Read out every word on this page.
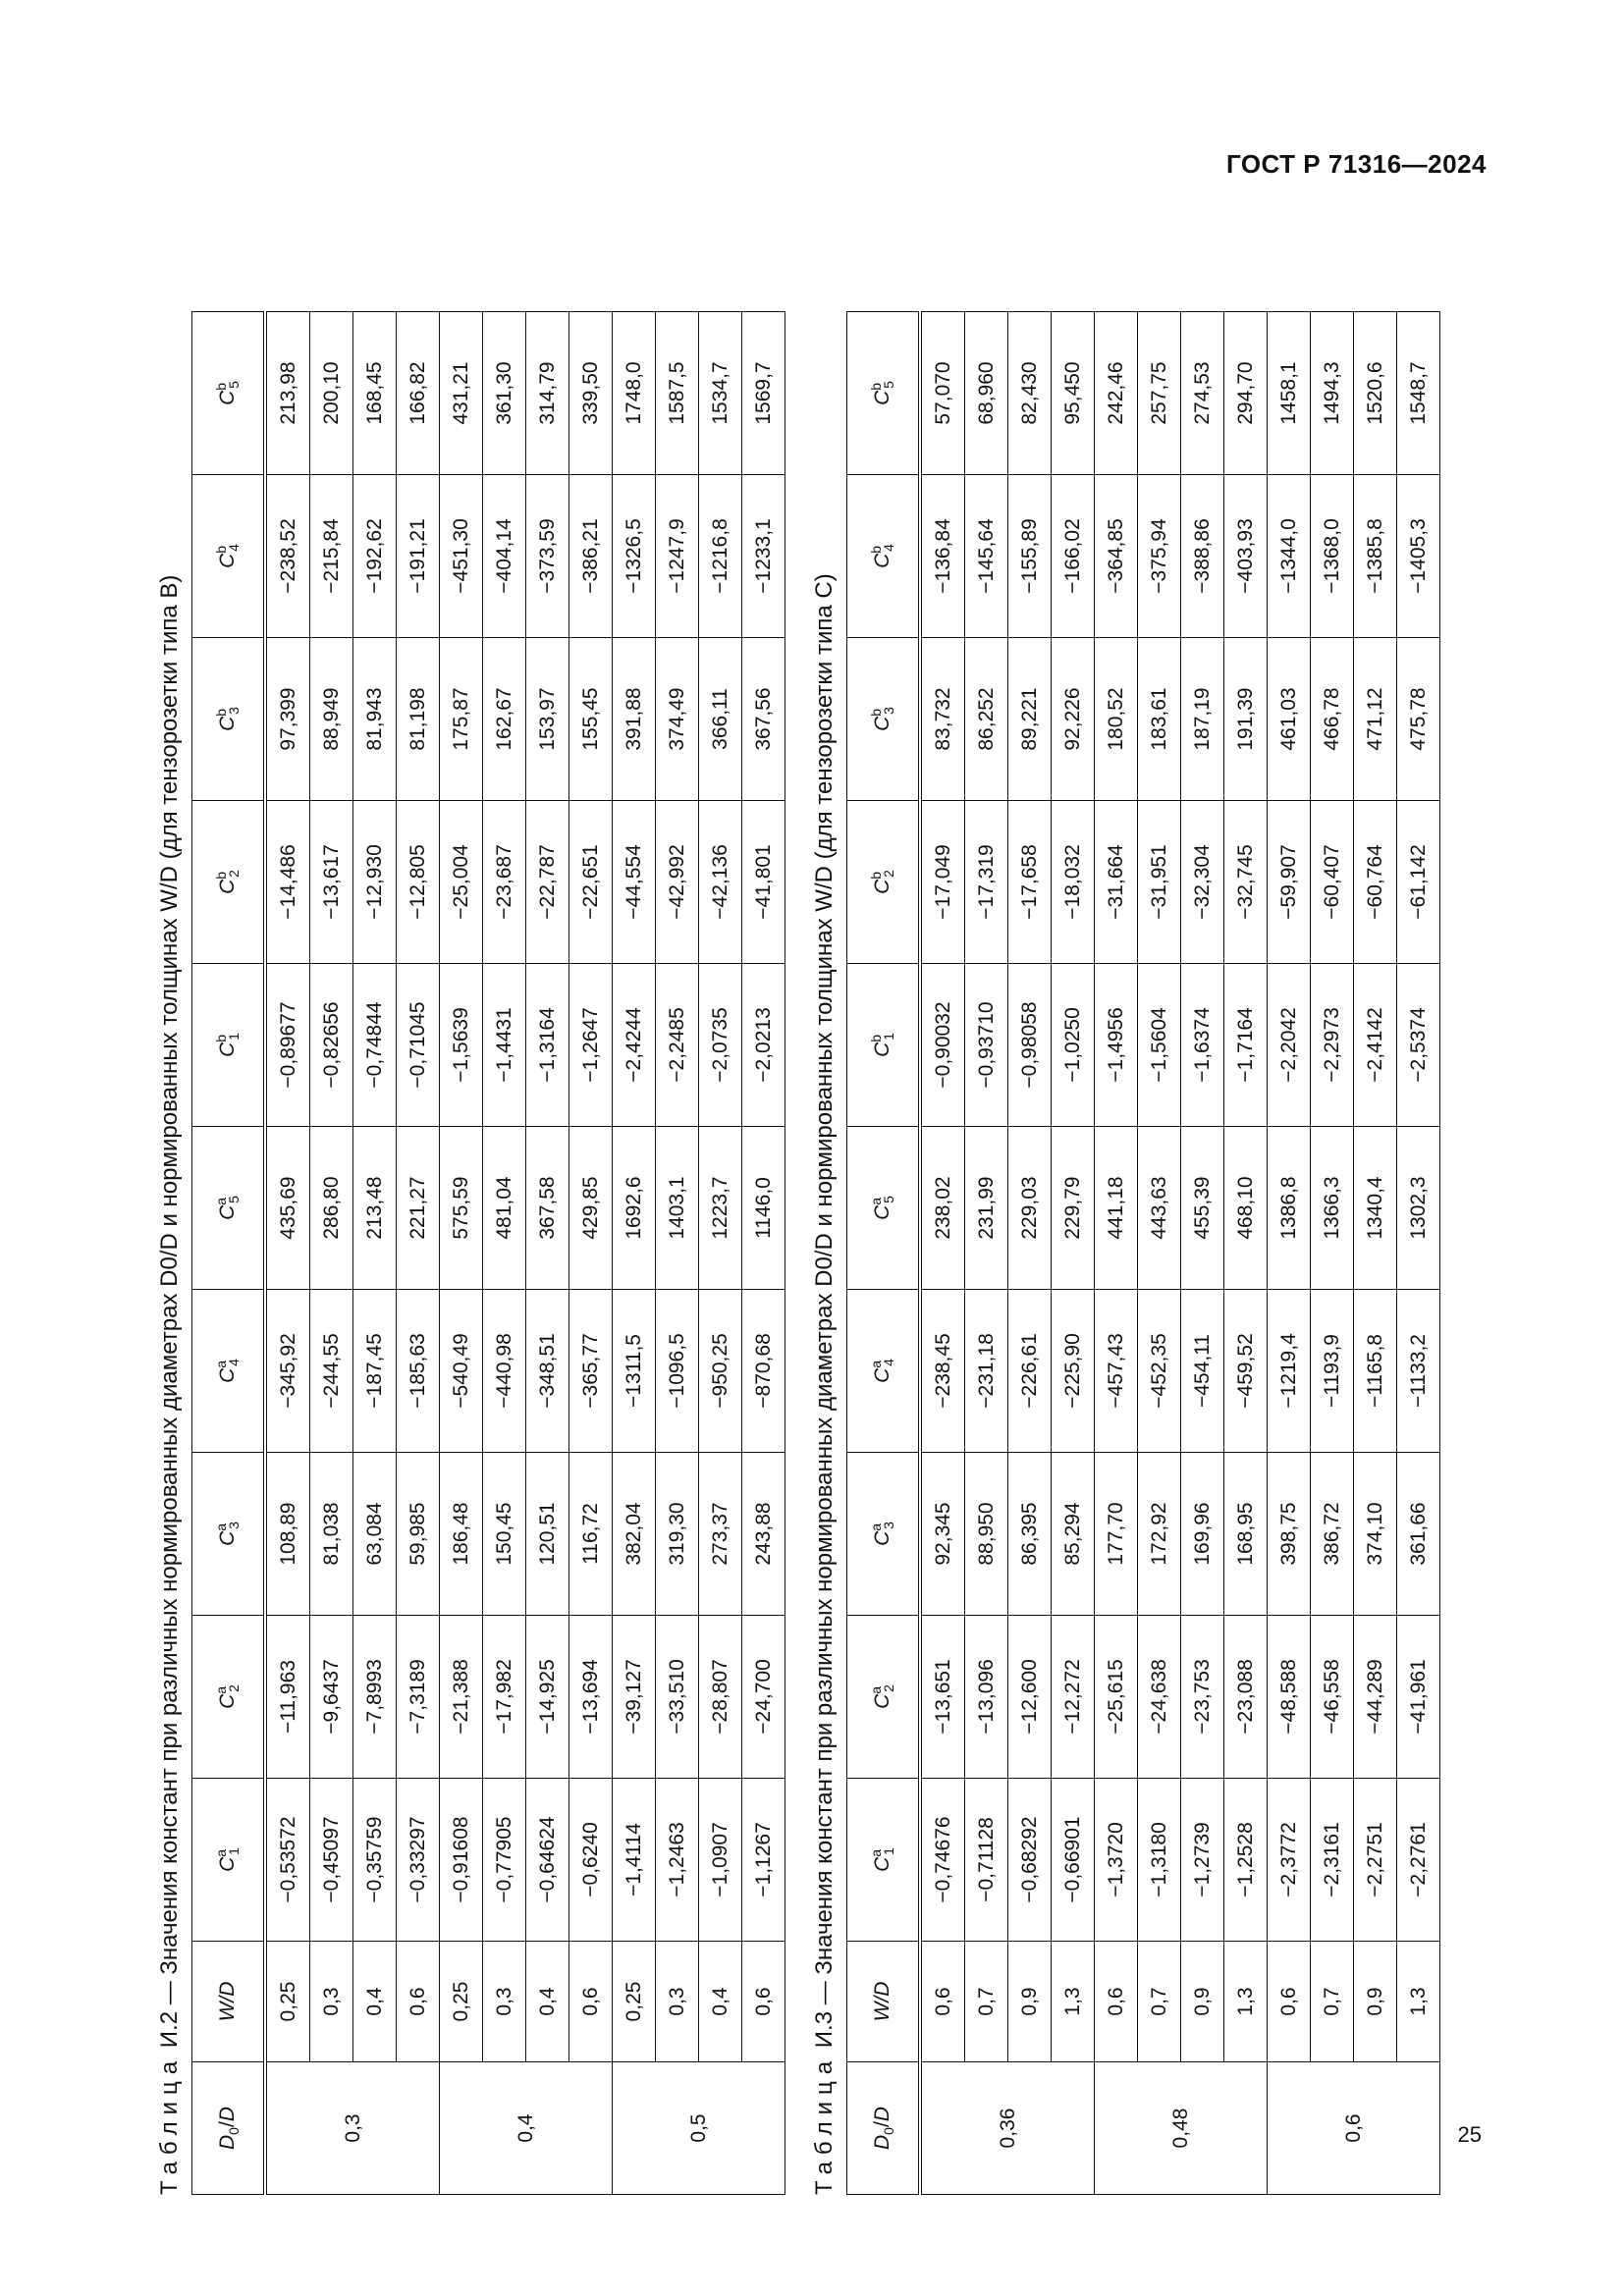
ГОСТ Р 71316—2024
Таблица И.2 — Значения констант при различных нормированных диаметрах D0/D и нормированных толщинах W/D (для тензорозетки типа B)
$D_0/D$	W/D	$C^a_1$	$C^a_2$	$C^a_3$	$C^a_4$	$C^a_5$	$C^b_1$	$C^b_2$	$C^b_3$	$C^b_4$	$C^b_5$
0,3	0,25	−0,53572	−11,963	108,89	−345,92	435,69	−0,89677	−14,486	97,399	−238,52	213,98
	0,3	−0,45097	−9,6437	81,038	−244,55	286,80	−0,82656	−13,617	88,949	−215,84	200,10
	0,4	−0,35759	−7,8993	63,084	−187,45	213,48	−0,74844	−12,930	81,943	−192,62	168,45
	0,6	−0,33297	−7,3189	59,985	−185,63	221,27	−0,71045	−12,805	81,198	−191,21	166,82
0,4	0,25	−0,91608	−21,388	186,48	−540,49	575,59	−1,5639	−25,004	175,87	−451,30	431,21
	0,3	−0,77905	−17,982	150,45	−440,98	481,04	−1,4431	−23,687	162,67	−404,14	361,30
	0,4	−0,64624	−14,925	120,51	−348,51	367,58	−1,3164	−22,787	153,97	−373,59	314,79
	0,6	−0,6240	−13,694	116,72	−365,77	429,85	−1,2647	−22,651	155,45	−386,21	339,50
0,5	0,25	−1,4114	−39,127	382,04	−1311,5	1692,6	−2,4244	−44,554	391,88	−1326,5	1748,0
	0,3	−1,2463	−33,510	319,30	−1096,5	1403,1	−2,2485	−42,992	374,49	−1247,9	1587,5
	0,4	−1,0907	−28,807	273,37	−950,25	1223,7	−2,0735	−42,136	366,11	−1216,8	1534,7
	0,6	−1,1267	−24,700	243,88	−870,68	1146,0	−2,0213	−41,801	367,56	−1233,1	1569,7
Таблица И.3 — Значения констант при различных нормированных диаметрах D0/D и нормированных толщинах W/D (для тензорозетки типа C)
$D_0/D$	W/D	$C^a_1$	$C^a_2$	$C^a_3$	$C^a_4$	$C^a_5$	$C^b_1$	$C^b_2$	$C^b_3$	$C^b_4$	$C^b_5$
0,36	0,6	−0,74676	−13,651	92,345	−238,45	238,02	−0,90032	−17,049	83,732	−136,84	57,070
	0,7	−0,71128	−13,096	88,950	−231,18	231,99	−0,93710	−17,319	86,252	−145,64	68,960
	0,9	−0,68292	−12,600	86,395	−226,61	229,03	−0,98058	−17,658	89,221	−155,89	82,430
	1,3	−0,66901	−12,272	85,294	−225,90	229,79	−1,0250	−18,032	92,226	−166,02	95,450
0,48	0,6	−1,3720	−25,615	177,70	−457,43	441,18	−1,4956	−31,664	180,52	−364,85	242,46
	0,7	−1,3180	−24,638	172,92	−452,35	443,63	−1,5604	−31,951	183,61	−375,94	257,75
	0,9	−1,2739	−23,753	169,96	−454,11	455,39	−1,6374	−32,304	187,19	−388,86	274,53
	1,3	−1,2528	−23,088	168,95	−459,52	468,10	−1,7164	−32,745	191,39	−403,93	294,70
0,6	0,6	−2,3772	−48,588	398,75	−1219,4	1386,8	−2,2042	−59,907	461,03	−1344,0	1458,1
	0,7	−2,3161	−46,558	386,72	−1193,9	1366,3	−2,2973	−60,407	466,78	−1368,0	1494,3
	0,9	−2,2751	−44,289	374,10	−1165,8	1340,4	−2,4142	−60,764	471,12	−1385,8	1520,6
	1,3	−2,2761	−41,961	361,66	−1133,2	1302,3	−2,5374	−61,142	475,78	−1405,3	1548,7
25
